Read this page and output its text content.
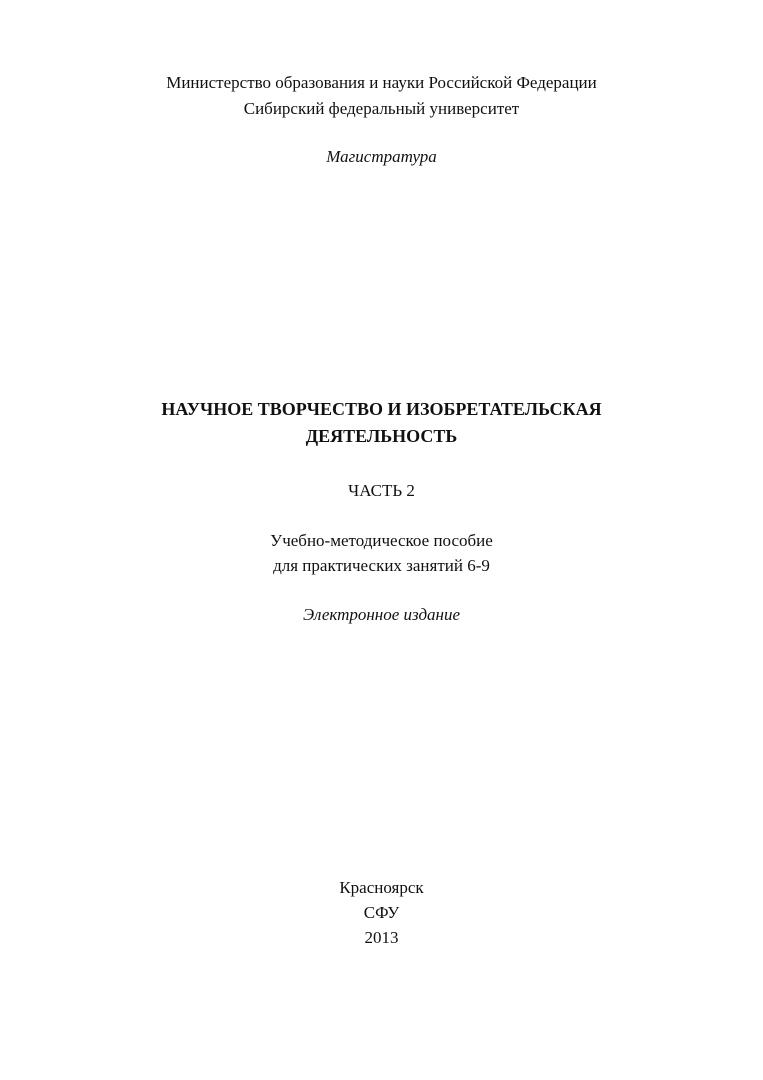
Министерство образования и науки Российской Федерации
Сибирский федеральный университет
Магистратура
НАУЧНОЕ ТВОРЧЕСТВО И ИЗОБРЕТАТЕЛЬСКАЯ
ДЕЯТЕЛЬНОСТЬ
ЧАСТЬ 2
Учебно-методическое пособие
для практических занятий 6-9
Электронное издание
Красноярск
СФУ
2013
